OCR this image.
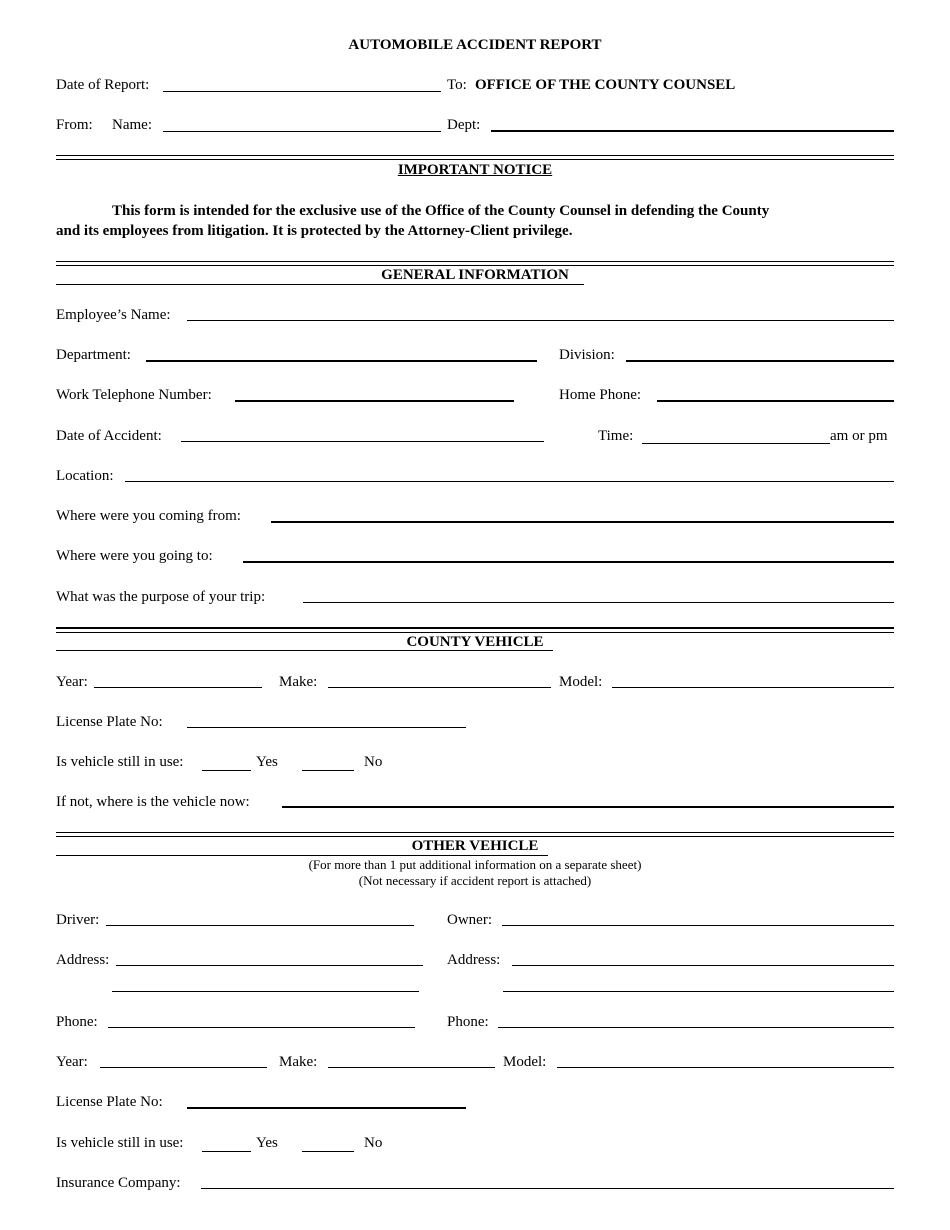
AUTOMOBILE ACCIDENT REPORT
Date of Report:	To: OFFICE OF THE COUNTY COUNSEL
From: Name:	Dept:
IMPORTANT NOTICE
This form is intended for the exclusive use of the Office of the County Counsel in defending the County
and its employees from litigation. It is protected by the Attorney-Client privilege.
GENERAL INFORMATION
Employee’s Name:
Department:	Division:
Work Telephone Number:	Home Phone:
Date of Accident:	Time:	am or pm
Location:
Where were you coming from:
Where were you going to:
What was the purpose of your trip:
COUNTY VEHICLE
Year:	Make:	Model:
License Plate No:
Is vehicle still in use:	Yes	No
If not, where is the vehicle now:
OTHER VEHICLE
(For more than 1 put additional information on a separate sheet)
(Not necessary if accident report is attached)
Driver:	Owner:
Address:	Address:
Phone:	Phone:
Year:	Make:	Model:
License Plate No:
Is vehicle still in use:	Yes	No
Insurance Company:
